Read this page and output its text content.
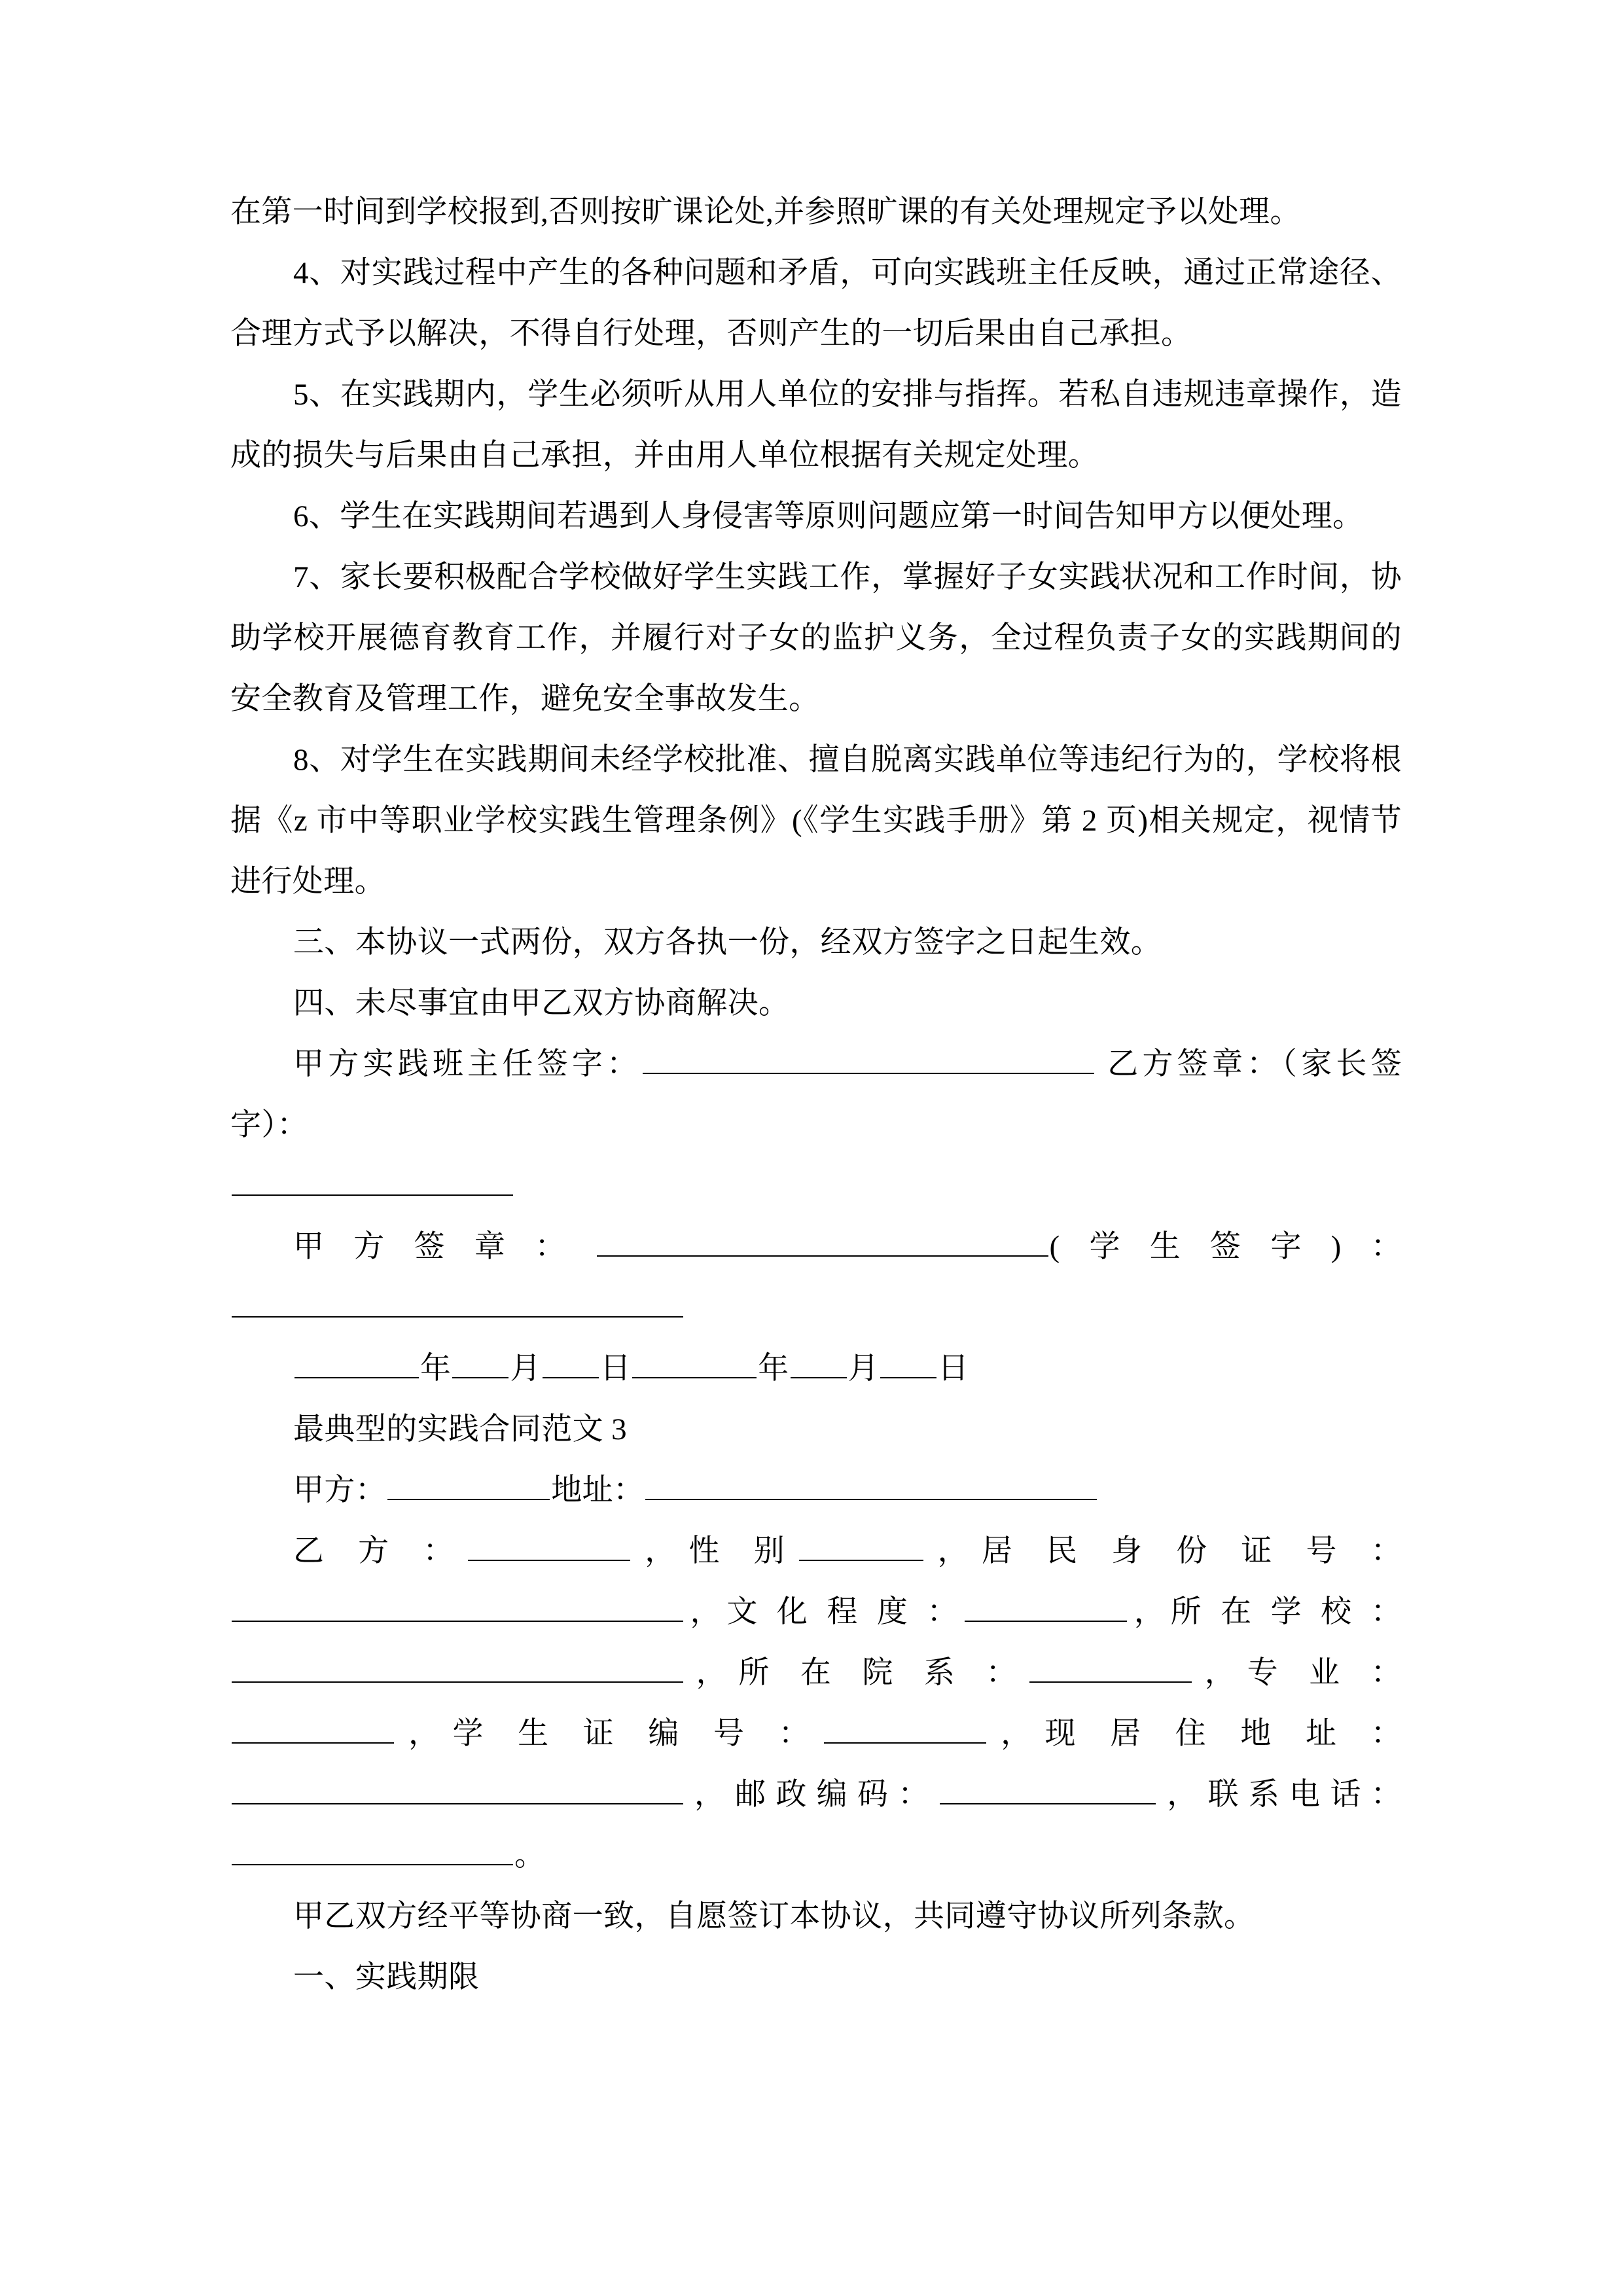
在第一时间到学校报到,否则按旷课论处,并参照旷课的有关处理规定予以处理。

4、对实践过程中产生的各种问题和矛盾，可向实践班主任反映，通过正常途径、合理方式予以解决，不得自行处理，否则产生的一切后果由自己承担。

5、在实践期内，学生必须听从用人单位的安排与指挥。若私自违规违章操作，造成的损失与后果由自己承担，并由用人单位根据有关规定处理。

6、学生在实践期间若遇到人身侵害等原则问题应第一时间告知甲方以便处理。

7、家长要积极配合学校做好学生实践工作，掌握好子女实践状况和工作时间，协助学校开展德育教育工作，并履行对子女的监护义务，全过程负责子女的实践期间的安全教育及管理工作，避免安全事故发生。

8、对学生在实践期间未经学校批准、擅自脱离实践单位等违纪行为的，学校将根据《z 市中等职业学校实践生管理条例》(《学生实践手册》第 2 页)相关规定，视情节进行处理。

三、本协议一式两份，双方各执一份，经双方签字之日起生效。

四、未尽事宜由甲乙双方协商解决。

甲方实践班主任签字：	乙方签章：（家长签字）：

甲方签章：	(学生签字)：

年 月 日	年 月 日

最典型的实践合同范文 3

甲方：	地址：

乙 方 ：	，性 别	，居 民 身 份 证 号 ：

，文 化 程 度 ：	，所 在 学 校 ：

，所 在 院 系 ：	，专 业 ：

，学 生 证 编 号 ：	，现 居 住 地 址 ：

，邮政编码：	，联系电话：

。

甲乙双方经平等协商一致，自愿签订本协议，共同遵守协议所列条款。

一、实践期限
